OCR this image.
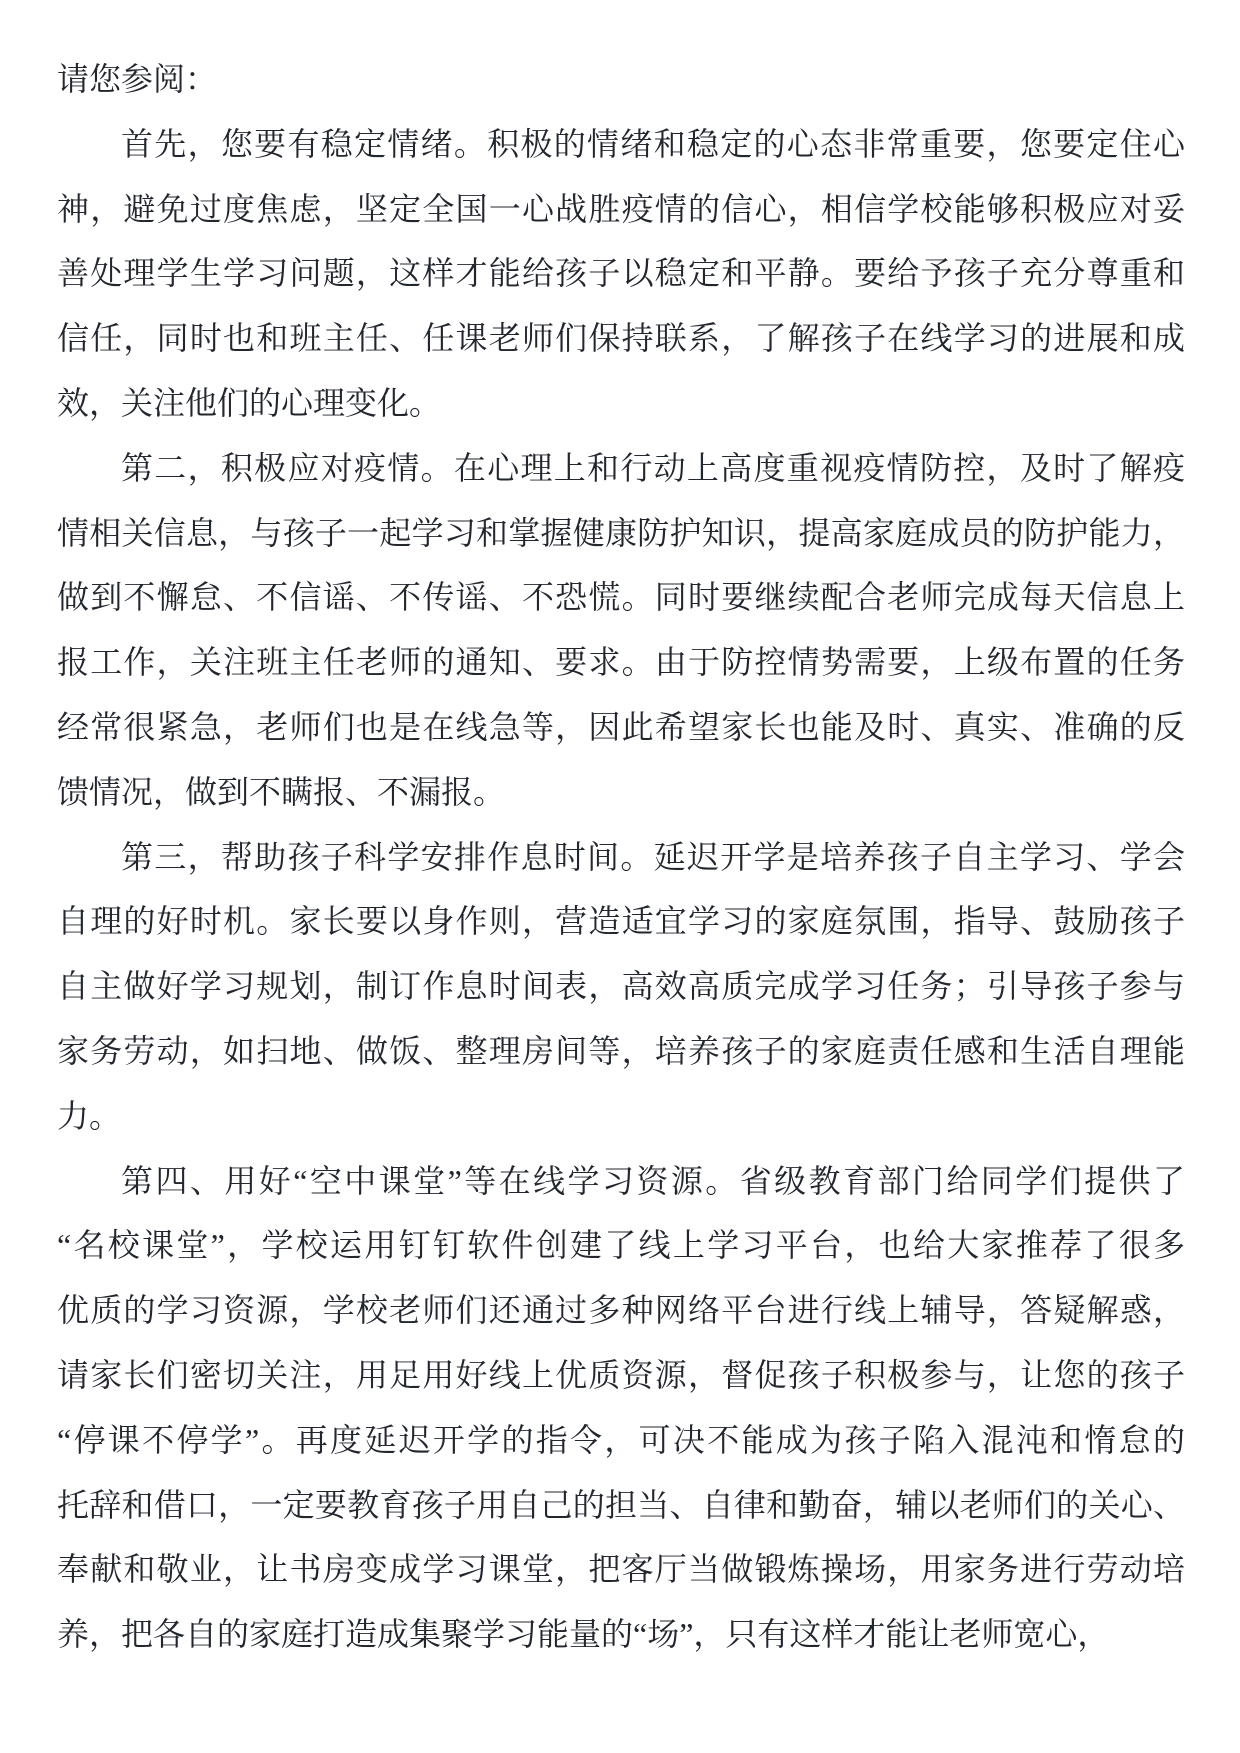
请您参阅：
首先，您要有稳定情绪。积极的情绪和稳定的心态非常重要，您要定住心
神，避免过度焦虑，坚定全国一心战胜疫情的信心，相信学校能够积极应对妥
善处理学生学习问题，这样才能给孩子以稳定和平静。要给予孩子充分尊重和
信任，同时也和班主任、任课老师们保持联系，了解孩子在线学习的进展和成
效，关注他们的心理变化。
第二，积极应对疫情。在心理上和行动上高度重视疫情防控，及时了解疫
情相关信息，与孩子一起学习和掌握健康防护知识，提高家庭成员的防护能力，
做到不懈怠、不信谣、不传谣、不恐慌。同时要继续配合老师完成每天信息上
报工作，关注班主任老师的通知、要求。由于防控情势需要，上级布置的任务
经常很紧急，老师们也是在线急等，因此希望家长也能及时、真实、准确的反
馈情况，做到不瞒报、不漏报。
第三，帮助孩子科学安排作息时间。延迟开学是培养孩子自主学习、学会
自理的好时机。家长要以身作则，营造适宜学习的家庭氛围，指导、鼓励孩子
自主做好学习规划，制订作息时间表，高效高质完成学习任务；引导孩子参与
家务劳动，如扫地、做饭、整理房间等，培养孩子的家庭责任感和生活自理能
力。
第四、用好“空中课堂”等在线学习资源。省级教育部门给同学们提供了
“名校课堂”，学校运用钉钉软件创建了线上学习平台，也给大家推荐了很多
优质的学习资源，学校老师们还通过多种网络平台进行线上辅导，答疑解惑，
请家长们密切关注，用足用好线上优质资源，督促孩子积极参与，让您的孩子
“停课不停学”。再度延迟开学的指令，可决不能成为孩子陷入混沌和惰怠的
托辞和借口，一定要教育孩子用自己的担当、自律和勤奋，辅以老师们的关心、
奉献和敬业，让书房变成学习课堂，把客厅当做锻炼操场，用家务进行劳动培
养，把各自的家庭打造成集聚学习能量的“场”，只有这样才能让老师宽心，
